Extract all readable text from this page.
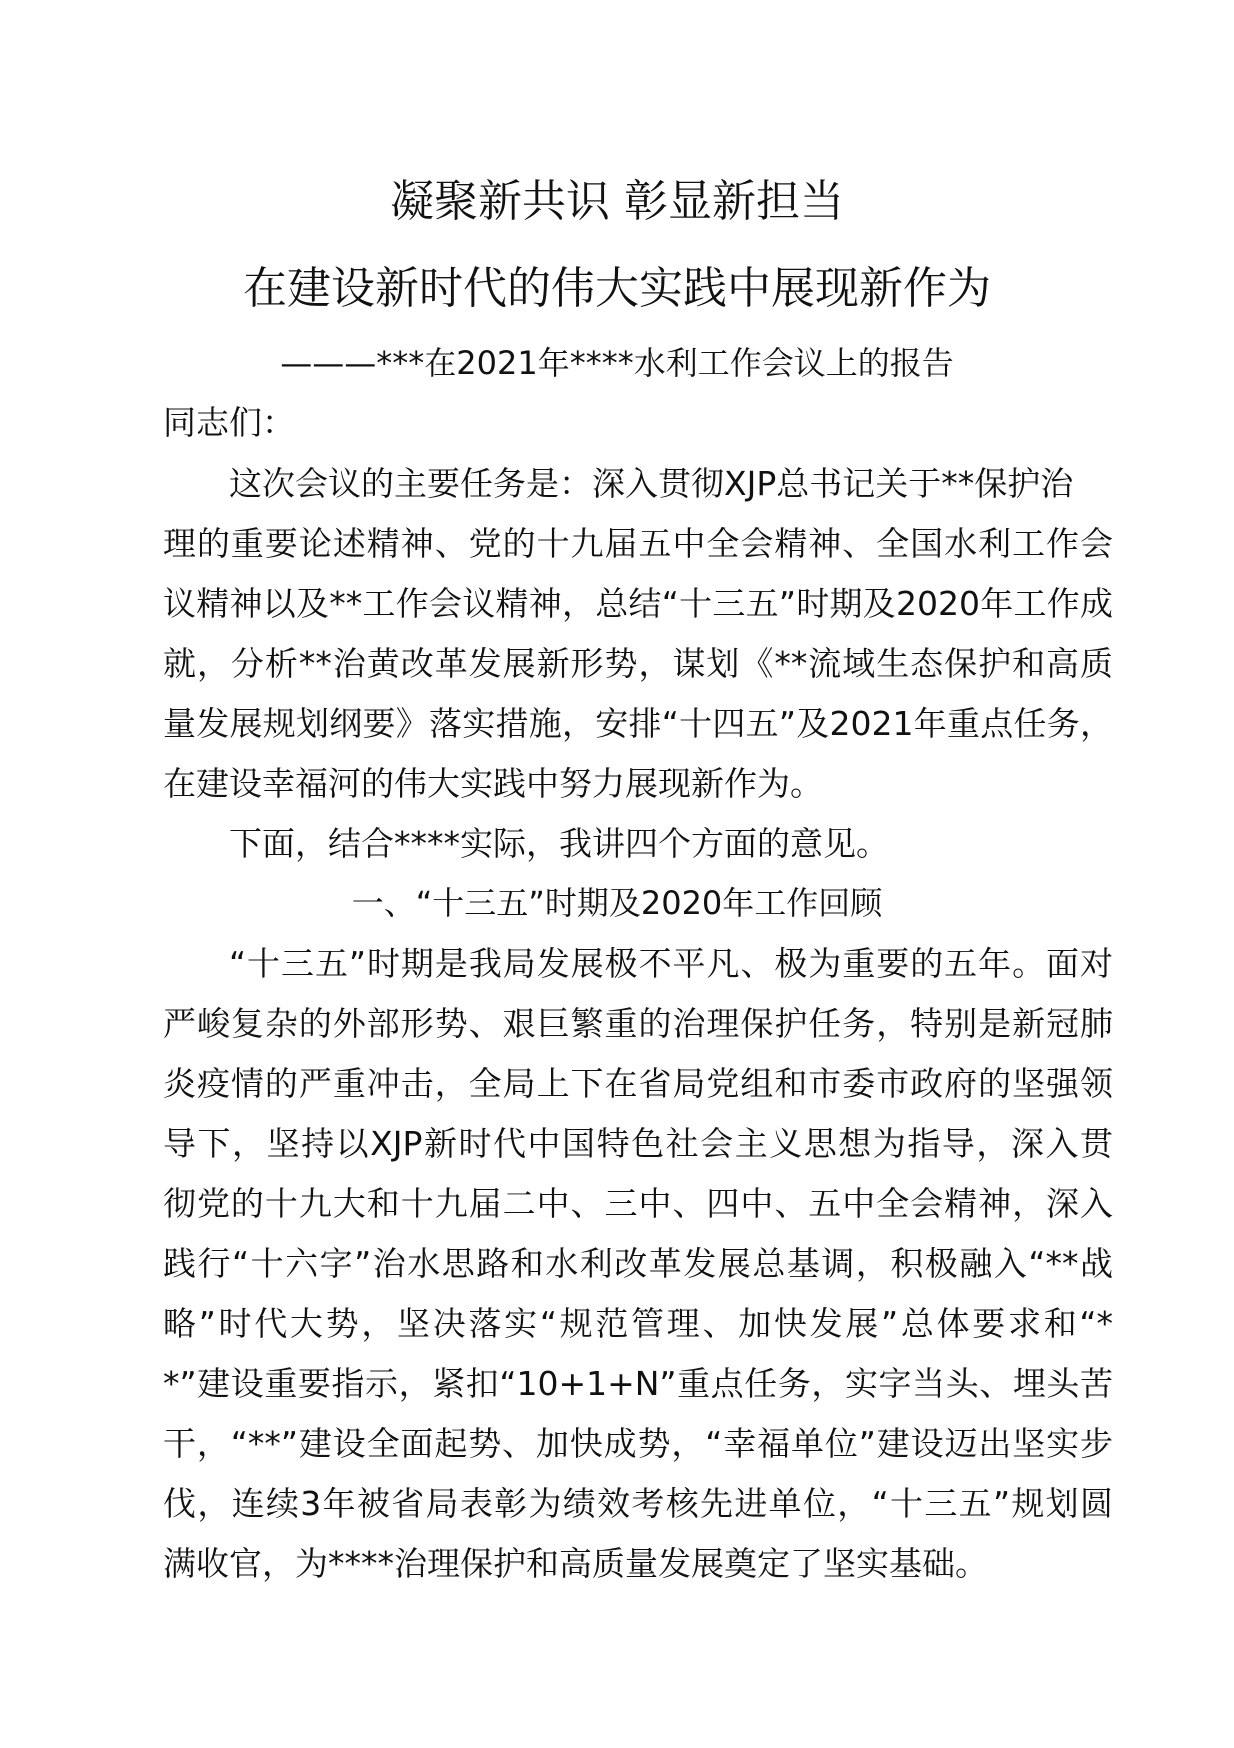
凝聚新共识 彰显新担当
在建设新时代的伟大实践中展现新作为
———***在2021年****水利工作会议上的报告
同志们：
这次会议的主要任务是：深入贯彻XJP总书记关于**保护治
理的重要论述精神、党的十九届五中全会精神、全国水利工作会
议精神以及**工作会议精神，总结“十三五”时期及2020年工作成
就，分析**治黄改革发展新形势，谋划《**流域生态保护和高质
量发展规划纲要》落实措施，安排“十四五”及2021年重点任务，
在建设幸福河的伟大实践中努力展现新作为。
下面，结合****实际，我讲四个方面的意见。
一、“十三五”时期及2020年工作回顾
“十三五”时期是我局发展极不平凡、极为重要的五年。面对
严峻复杂的外部形势、艰巨繁重的治理保护任务，特别是新冠肺
炎疫情的严重冲击，全局上下在省局党组和市委市政府的坚强领
导下，坚持以XJP新时代中国特色社会主义思想为指导，深入贯
彻党的十九大和十九届二中、三中、四中、五中全会精神，深入
践行“十六字”治水思路和水利改革发展总基调，积极融入“**战
略”时代大势，坚决落实“规范管理、加快发展”总体要求和“*
*”建设重要指示，紧扣“10+1+N”重点任务，实字当头、埋头苦
干，“**”建设全面起势、加快成势，“幸福单位”建设迈出坚实步
伐，连续3年被省局表彰为绩效考核先进单位，“十三五”规划圆
满收官，为****治理保护和高质量发展奠定了坚实基础。
